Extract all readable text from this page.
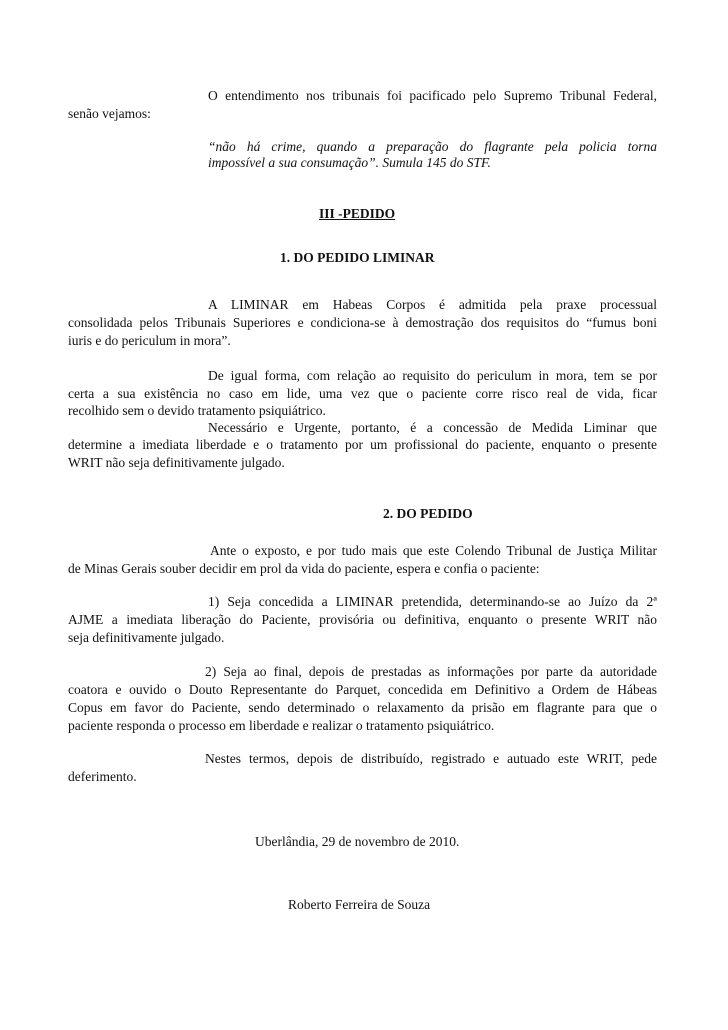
O entendimento nos tribunais foi pacificado pelo Supremo Tribunal Federal,
senão vejamos:
“não há crime, quando a preparação do flagrante pela policia torna
impossível a sua consumação”. Sumula 145 do STF.
III -PEDIDO
1. DO PEDIDO LIMINAR
A LIMINAR em Habeas Corpos é admitida pela praxe processual
consolidada pelos Tribunais Superiores e condiciona-se à demostração dos requisitos do “fumus boni
iuris e do periculum in mora”.
De igual forma, com relação ao requisito do periculum in mora, tem se por
certa a sua existência no caso em lide, uma vez que o paciente corre risco real de vida, ficar
recolhido sem o devido tratamento psiquiátrico.
Necessário e Urgente, portanto, é a concessão de Medida Liminar que
determine a imediata liberdade e o tratamento por um profissional do paciente, enquanto o presente
WRIT não seja definitivamente julgado.
2. DO PEDIDO
Ante o exposto, e por tudo mais que este Colendo Tribunal de Justiça Militar
de Minas Gerais souber decidir em prol da vida do paciente, espera e confia o paciente:
1) Seja concedida a LIMINAR pretendida, determinando-se ao Juízo da 2ª
AJME a imediata liberação do Paciente, provisória ou definitiva, enquanto o presente WRIT não
seja definitivamente julgado.
2) Seja ao final, depois de prestadas as informações por parte da autoridade
coatora e ouvido o Douto Representante do Parquet, concedida em Definitivo a Ordem de Hábeas
Copus em favor do Paciente, sendo determinado o relaxamento da prisão em flagrante para que o
paciente responda o processo em liberdade e realizar o tratamento psiquiátrico.
Nestes termos, depois de distribuído, registrado e autuado este WRIT, pede
deferimento.
Uberlândia, 29 de novembro de 2010.
Roberto Ferreira de Souza
